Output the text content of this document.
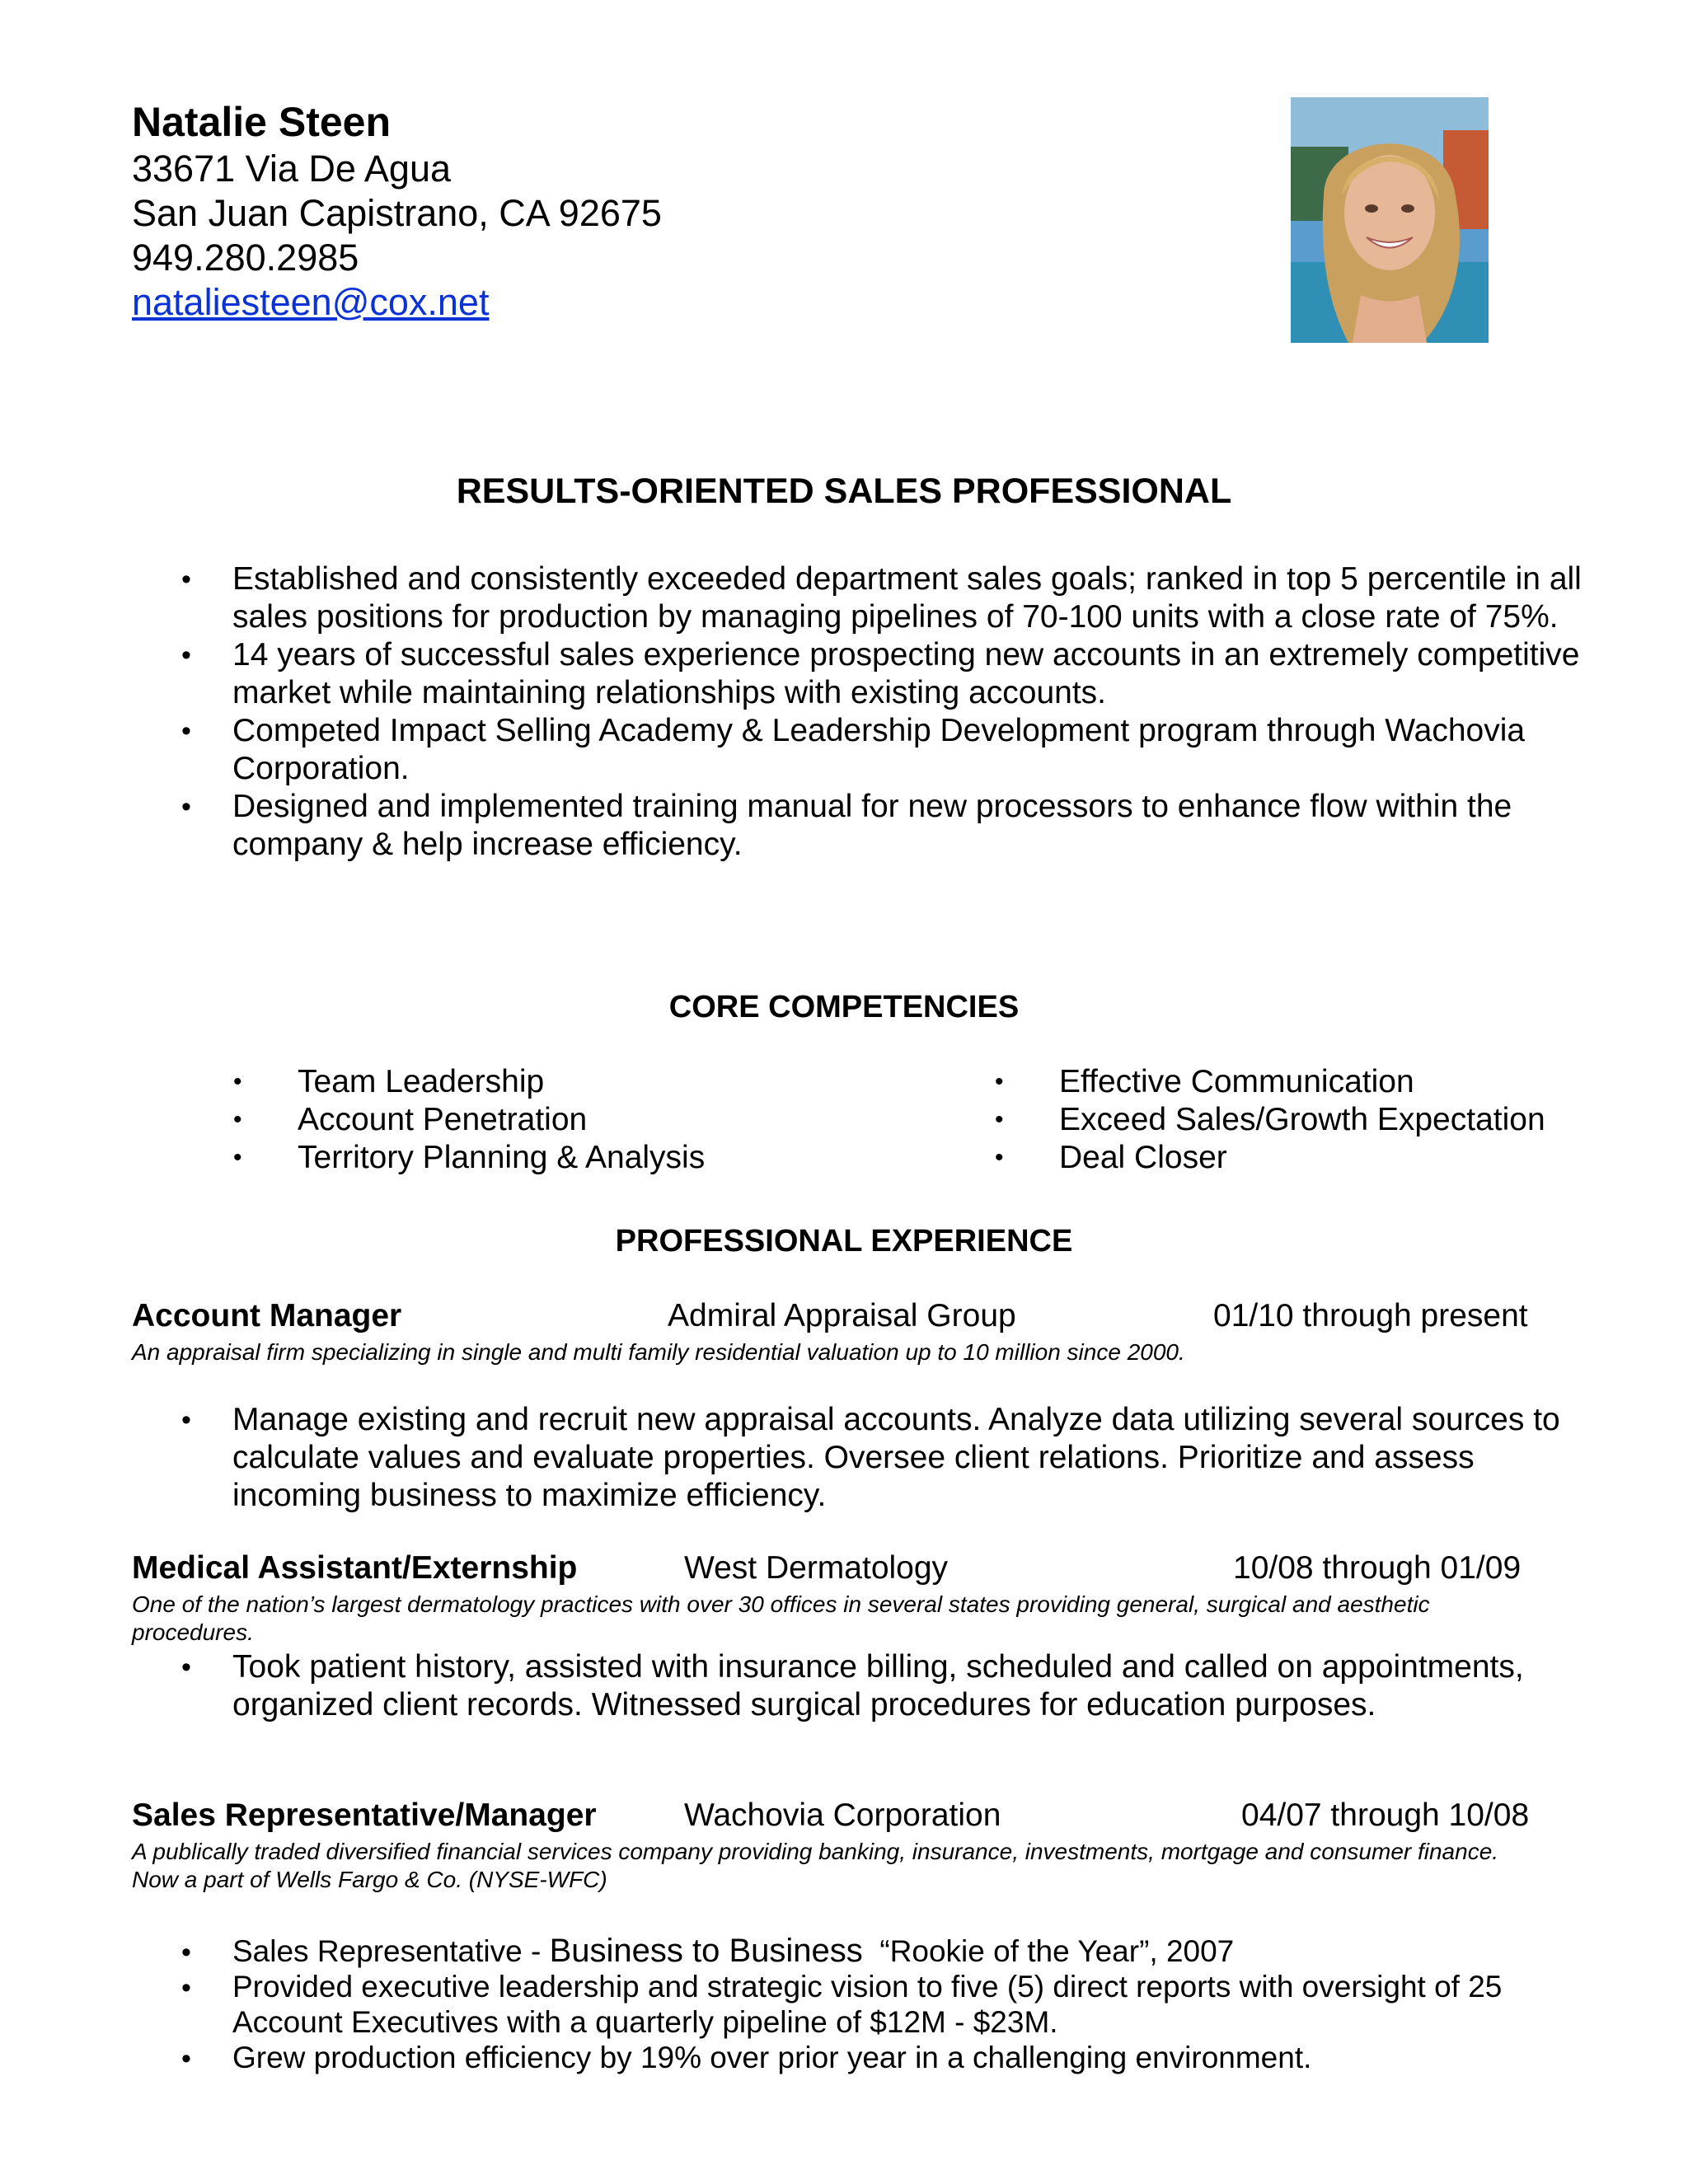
Natalie Steen

33671 Via De Agua

San Juan Capistrano, CA 92675

949.280.2985

nataliesteen@cox.net

RESULTS-ORIENTED SALES PROFESSIONAL
• Established and consistently exceeded department sales goals; ranked in top 5 percentile in all sales positions for production by managing pipelines of 70-100 units with a close rate of 75%.
• 14 years of successful sales experience prospecting new accounts in an extremely competitive market while maintaining relationships with existing accounts.
• Competed Impact Selling Academy & Leadership Development program through Wachovia Corporation.
• Designed and implemented training manual for new processors to enhance flow within the company & help increase efficiency.
CORE COMPETENCIES
• Team Leadership
• Account Penetration
• Territory Planning & Analysis
• Effective Communication
• Exceed Sales/Growth Expectation
• Deal Closer
PROFESSIONAL EXPERIENCE
Account Manager	Admiral Appraisal Group	01/10 through present

An appraisal firm specializing in single and multi family residential valuation up to 10 million since 2000.

• Manage existing and recruit new appraisal accounts. Analyze data utilizing several sources to calculate values and evaluate properties. Oversee client relations. Prioritize and assess incoming business to maximize efficiency.
Medical Assistant/Externship	West Dermatology	10/08 through 01/09

One of the nation’s largest dermatology practices with over 30 offices in several states providing general, surgical and aesthetic procedures.

• Took patient history, assisted with insurance billing, scheduled and called on appointments, organized client records. Witnessed surgical procedures for education purposes.
Sales Representative/Manager	Wachovia Corporation	04/07 through 10/08

A publically traded diversified financial services company providing banking, insurance, investments, mortgage and consumer finance. Now a part of Wells Fargo & Co. (NYSE-WFC)

• Sales Representative - Business to Business  “Rookie of the Year”, 2007
• Provided executive leadership and strategic vision to five (5) direct reports with oversight of 25 Account Executives with a quarterly pipeline of $12M - $23M.
• Grew production efficiency by 19% over prior year in a challenging environment.
